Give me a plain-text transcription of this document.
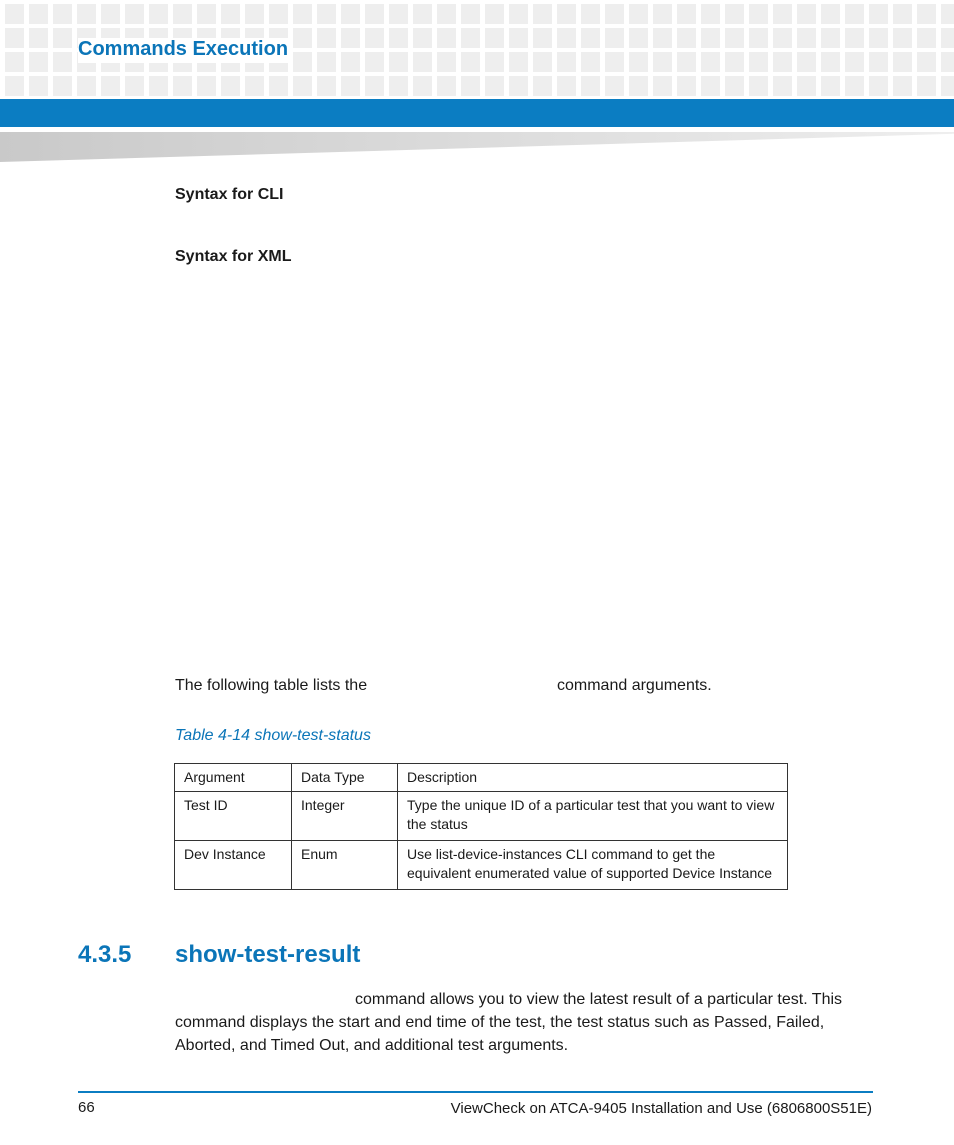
Commands Execution
Syntax for CLI
Syntax for XML
The following table lists the	command arguments.
Table 4-14 show-test-status
Argument	Data Type	Description
Test ID	Integer	Type the unique ID of a particular test that you want to view the status
Dev Instance	Enum	Use list-device-instances CLI command to get the equivalent enumerated value of supported Device Instance
4.3.5 show-test-result
command allows you to view the latest result of a particular test. This command displays the start and end time of the test, the test status such as Passed, Failed, Aborted, and Timed Out, and additional test arguments.
66	ViewCheck on ATCA-9405 Installation and Use (6806800S51E)
